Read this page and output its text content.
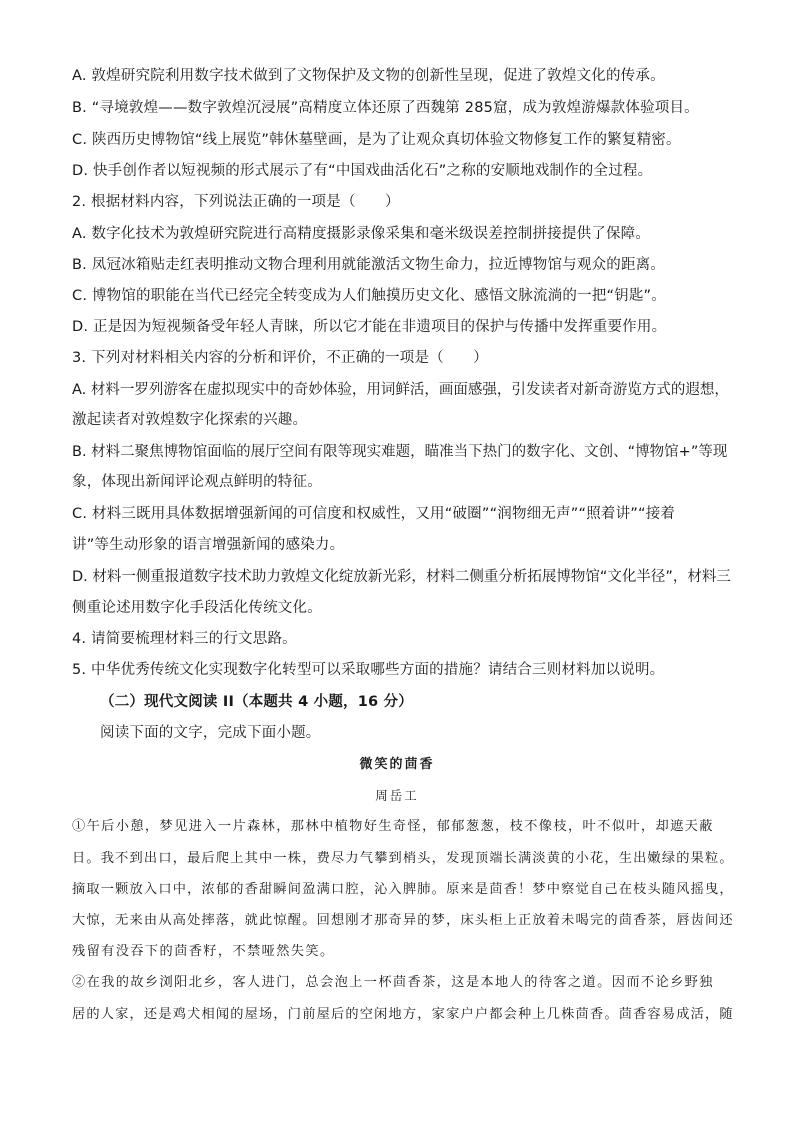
A. 敦煌研究院利用数字技术做到了文物保护及文物的创新性呈现，促进了敦煌文化的传承。
B. “寻境敦煌——数字敦煌沉浸展”高精度立体还原了西魏第 285窟，成为敦煌游爆款体验项目。
C. 陕西历史博物馆“线上展览”韩休墓壁画，是为了让观众真切体验文物修复工作的繁复精密。
D. 快手创作者以短视频的形式展示了有“中国戏曲活化石”之称的安顺地戏制作的全过程。
2. 根据材料内容，下列说法正确的一项是（　　）
A. 数字化技术为敦煌研究院进行高精度摄影录像采集和毫米级误差控制拼接提供了保障。
B. 凤冠冰箱贴走红表明推动文物合理利用就能激活文物生命力，拉近博物馆与观众的距离。
C. 博物馆的职能在当代已经完全转变成为人们触摸历史文化、感悟文脉流淌的一把“钥匙”。
D. 正是因为短视频备受年轻人青睐，所以它才能在非遗项目的保护与传播中发挥重要作用。
3. 下列对材料相关内容的分析和评价，不正确的一项是（　　）
A. 材料一罗列游客在虚拟现实中的奇妙体验，用词鲜活，画面感强，引发读者对新奇游览方式的遐想，
激起读者对敦煌数字化探索的兴趣。
B. 材料二聚焦博物馆面临的展厅空间有限等现实难题，瞄准当下热门的数字化、文创、“博物馆+”等现
象，体现出新闻评论观点鲜明的特征。
C. 材料三既用具体数据增强新闻的可信度和权威性，又用“破圈”“润物细无声”“照着讲”“接着
讲”等生动形象的语言增强新闻的感染力。
D. 材料一侧重报道数字技术助力敦煌文化绽放新光彩，材料二侧重分析拓展博物馆“文化半径”，材料三
侧重论述用数字化手段活化传统文化。
4. 请简要梳理材料三的行文思路。
5. 中华优秀传统文化实现数字化转型可以采取哪些方面的措施？请结合三则材料加以说明。
（二）现代文阅读 II（本题共 4 小题，16 分）
阅读下面的文字，完成下面小题。
微笑的茴香
周岳工
①午后小憩，梦见进入一片森林，那林中植物好生奇怪，郁郁葱葱，枝不像枝，叶不似叶，却遮天蔽
日。我不到出口，最后爬上其中一株，费尽力气攀到梢头，发现顶端长满淡黄的小花，生出嫩绿的果粒。
摘取一颗放入口中，浓郁的香甜瞬间盈满口腔，沁入脾肺。原来是茴香！梦中察觉自己在枝头随风摇曳，
大惊，无来由从高处摔落，就此惊醒。回想刚才那奇异的梦，床头柜上正放着未喝完的茴香茶，唇齿间还
残留有没吞下的茴香籽，不禁哑然失笑。
②在我的故乡浏阳北乡，客人进门，总会泡上一杯茴香茶，这是本地人的待客之道。因而不论乡野独
居的人家，还是鸡犬相闻的屋场，门前屋后的空闲地方，家家户户都会种上几株茴香。茴香容易成活，随
